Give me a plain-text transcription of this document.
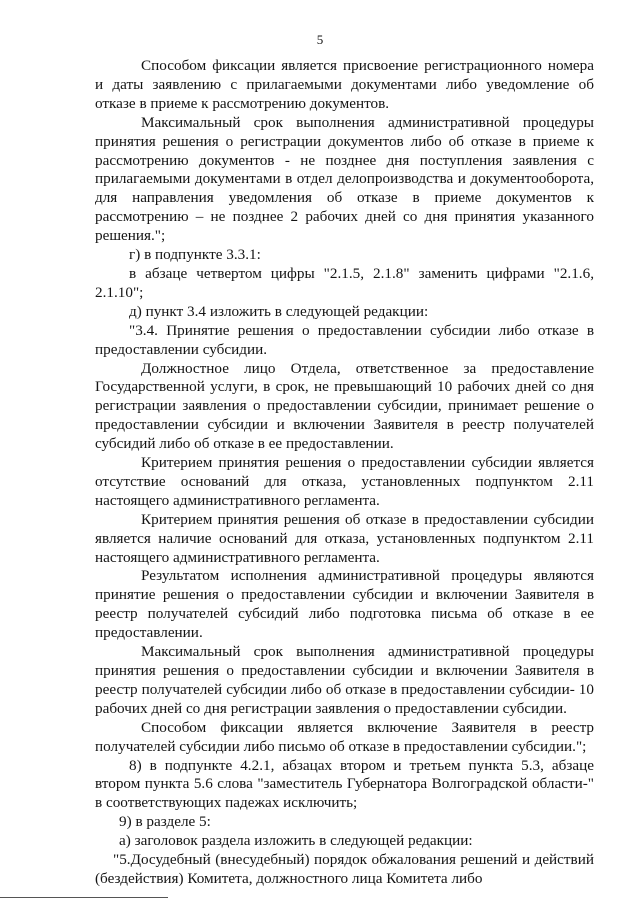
5

Способом фиксации является присвоение регистрационного номера и даты заявлению с прилагаемыми документами либо уведомление об отказе в приеме к рассмотрению документов.

Максимальный срок выполнения административной процедуры принятия решения о регистрации документов либо об отказе в приеме к рассмотрению документов - не позднее дня поступления заявления с прилагаемыми документами в отдел делопроизводства и документооборота, для направления уведомления об отказе в приеме документов к рассмотрению – не позднее 2 рабочих дней со дня принятия указанного решения.";

г) в подпункте 3.3.1:

в абзаце четвертом цифры "2.1.5, 2.1.8" заменить цифрами "2.1.6, 2.1.10";

д) пункт 3.4 изложить в следующей редакции:

"3.4. Принятие решения о предоставлении субсидии либо отказе в предоставлении субсидии.

Должностное лицо Отдела, ответственное за предоставление Государственной услуги, в срок, не превышающий 10 рабочих дней со дня регистрации заявления о предоставлении субсидии, принимает решение о предоставлении субсидии и включении Заявителя в реестр получателей субсидий либо об отказе в ее предоставлении.

Критерием принятия решения о предоставлении субсидии является отсутствие оснований для отказа, установленных подпунктом 2.11 настоящего административного регламента.

Критерием принятия решения об отказе в предоставлении субсидии является наличие оснований для отказа, установленных подпунктом 2.11 настоящего административного регламента.

Результатом исполнения административной процедуры являются принятие решения о предоставлении субсидии и включении Заявителя в реестр получателей субсидий либо подготовка письма об отказе в ее предоставлении.

Максимальный срок выполнения административной процедуры принятия решения о предоставлении субсидии и включении Заявителя в реестр получателей субсидии либо об отказе в предоставлении субсидии- 10 рабочих дней со дня регистрации заявления о предоставлении субсидии.

Способом фиксации является включение Заявителя в реестр получателей субсидии либо письмо об отказе в предоставлении субсидии.";

8) в подпункте 4.2.1, абзацах втором и третьем пункта 5.3, абзаце втором пункта 5.6 слова "заместитель Губернатора Волгоградской области-" в соответствующих падежах исключить;

9) в разделе 5:

а) заголовок раздела изложить в следующей редакции:

"5.Досудебный (внесудебный) порядок обжалования решений и действий (бездействия) Комитета, должностного лица Комитета либо
